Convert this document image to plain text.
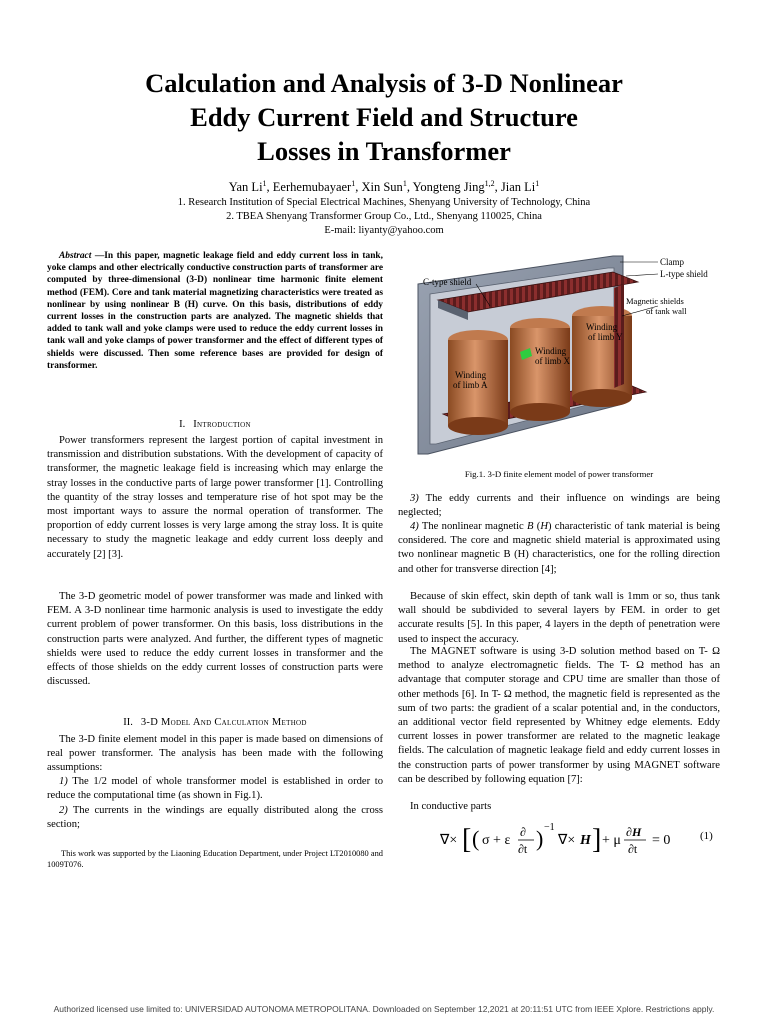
Calculation and Analysis of 3-D Nonlinear
Eddy Current Field and Structure
Losses in Transformer
Yan Li$^1$, Eerhemubayaer$^1$, Xin Sun$^1$, Yongteng Jing$^{1,2}$, Jian Li$^1$
1. Research Institution of Special Electrical Machines, Shenyang University of Technology, China
2. TBEA Shenyang Transformer Group Co., Ltd., Shenyang 110025, China
E-mail: liyanty@yahoo.com

Abstract —In this paper, magnetic leakage field and eddy current loss in tank, yoke clamps and other electrically conductive construction parts of transformer are computed by three-dimensional (3-D) nonlinear time harmonic finite element method (FEM). Core and tank material magnetizing characteristics were treated as nonlinear by using nonlinear B (H) curve. On this basis, distributions of eddy current losses in the construction parts are analyzed. The magnetic shields that added to tank wall and yoke clamps were used to reduce the eddy current losses in tank wall and yoke clamps of power transformer and the effect of different types of shields were discussed. Then some reference bases are provided for design of transformer.

I. Introduction

Power transformers represent the largest portion of capital investment in transmission and distribution substations. With the development of capacity of transformer, the magnetic leakage field is increasing which may enlarge the stray losses in the conductive parts of large power transformer [1]. Controlling the quantity of the stray losses and temperature rise of hot spot may be the most important ways to assure the normal operation of transformer. The proportion of eddy current losses is very large among the stray loss. It is quite necessary to study the magnetic leakage and eddy current loss deeply and accurately [2] [3].

The 3-D geometric model of power transformer was made and linked with FEM. A 3-D nonlinear time harmonic analysis is used to investigate the eddy current problem of power transformer. On this basis, loss distributions in the construction parts were analyzed. And further, the different types of magnetic shields were used to reduce the eddy current losses in transformer and the effects of those shields on the eddy current losses of construction parts were discussed.

II. 3-D Model And Calculation Method

The 3-D finite element model in this paper is made based on dimensions of real power transformer. The analysis has been made with the following assumptions:

1) The 1/2 model of whole transformer model is established in order to reduce the computational time (as shown in Fig.1).

2) The currents in the windings are equally distributed along the cross section;

This work was supported by the Liaoning Education Department, under Project LT2010080 and 1009T076.

Clamp
L-type shield
C-type shield
Magnetic shields of tank wall
Winding of limb Y
Winding of limb X
Winding of limb A
Fig.1. 3-D finite element model of power transformer

3) The eddy currents and their influence on windings are being neglected;

4) The nonlinear magnetic B (H) characteristic of tank material is being considered. The core and magnetic shield material is approximated using two nonlinear magnetic B (H) characteristics, one for the rolling direction and other for transverse direction [4];

Because of skin effect, skin depth of tank wall is 1mm or so, thus tank wall should be subdivided to several layers by FEM. in order to get accurate results [5]. In this paper, 4 layers in the depth of penetration were used to inspect the accuracy.

The MAGNET software is using 3-D solution method based on T- Ω method to analyze electromagnetic fields. The T- Ω method has an advantage that computer storage and CPU time are smaller than those of other methods [6]. In T- Ω method, the magnetic field is represented as the sum of two parts: the gradient of a scalar potential and, in the conductors, an additional vector field represented by Whitney edge elements. Eddy current losses in power transformer are related to the magnetic leakage fields. The calculation of magnetic leakage field and eddy current losses in the construction parts of power transformer by using MAGNET software can be described by following equation [7]:

In conductive parts

∇× [ ( σ + ε
∂
∂t ) −1
∇× H ] + μ
∂H
∂t
= 0	(1)
Authorized licensed use limited to: UNIVERSIDAD AUTONOMA METROPOLITANA. Downloaded on September 12,2021 at 20:11:51 UTC from IEEE Xplore. Restrictions apply.
